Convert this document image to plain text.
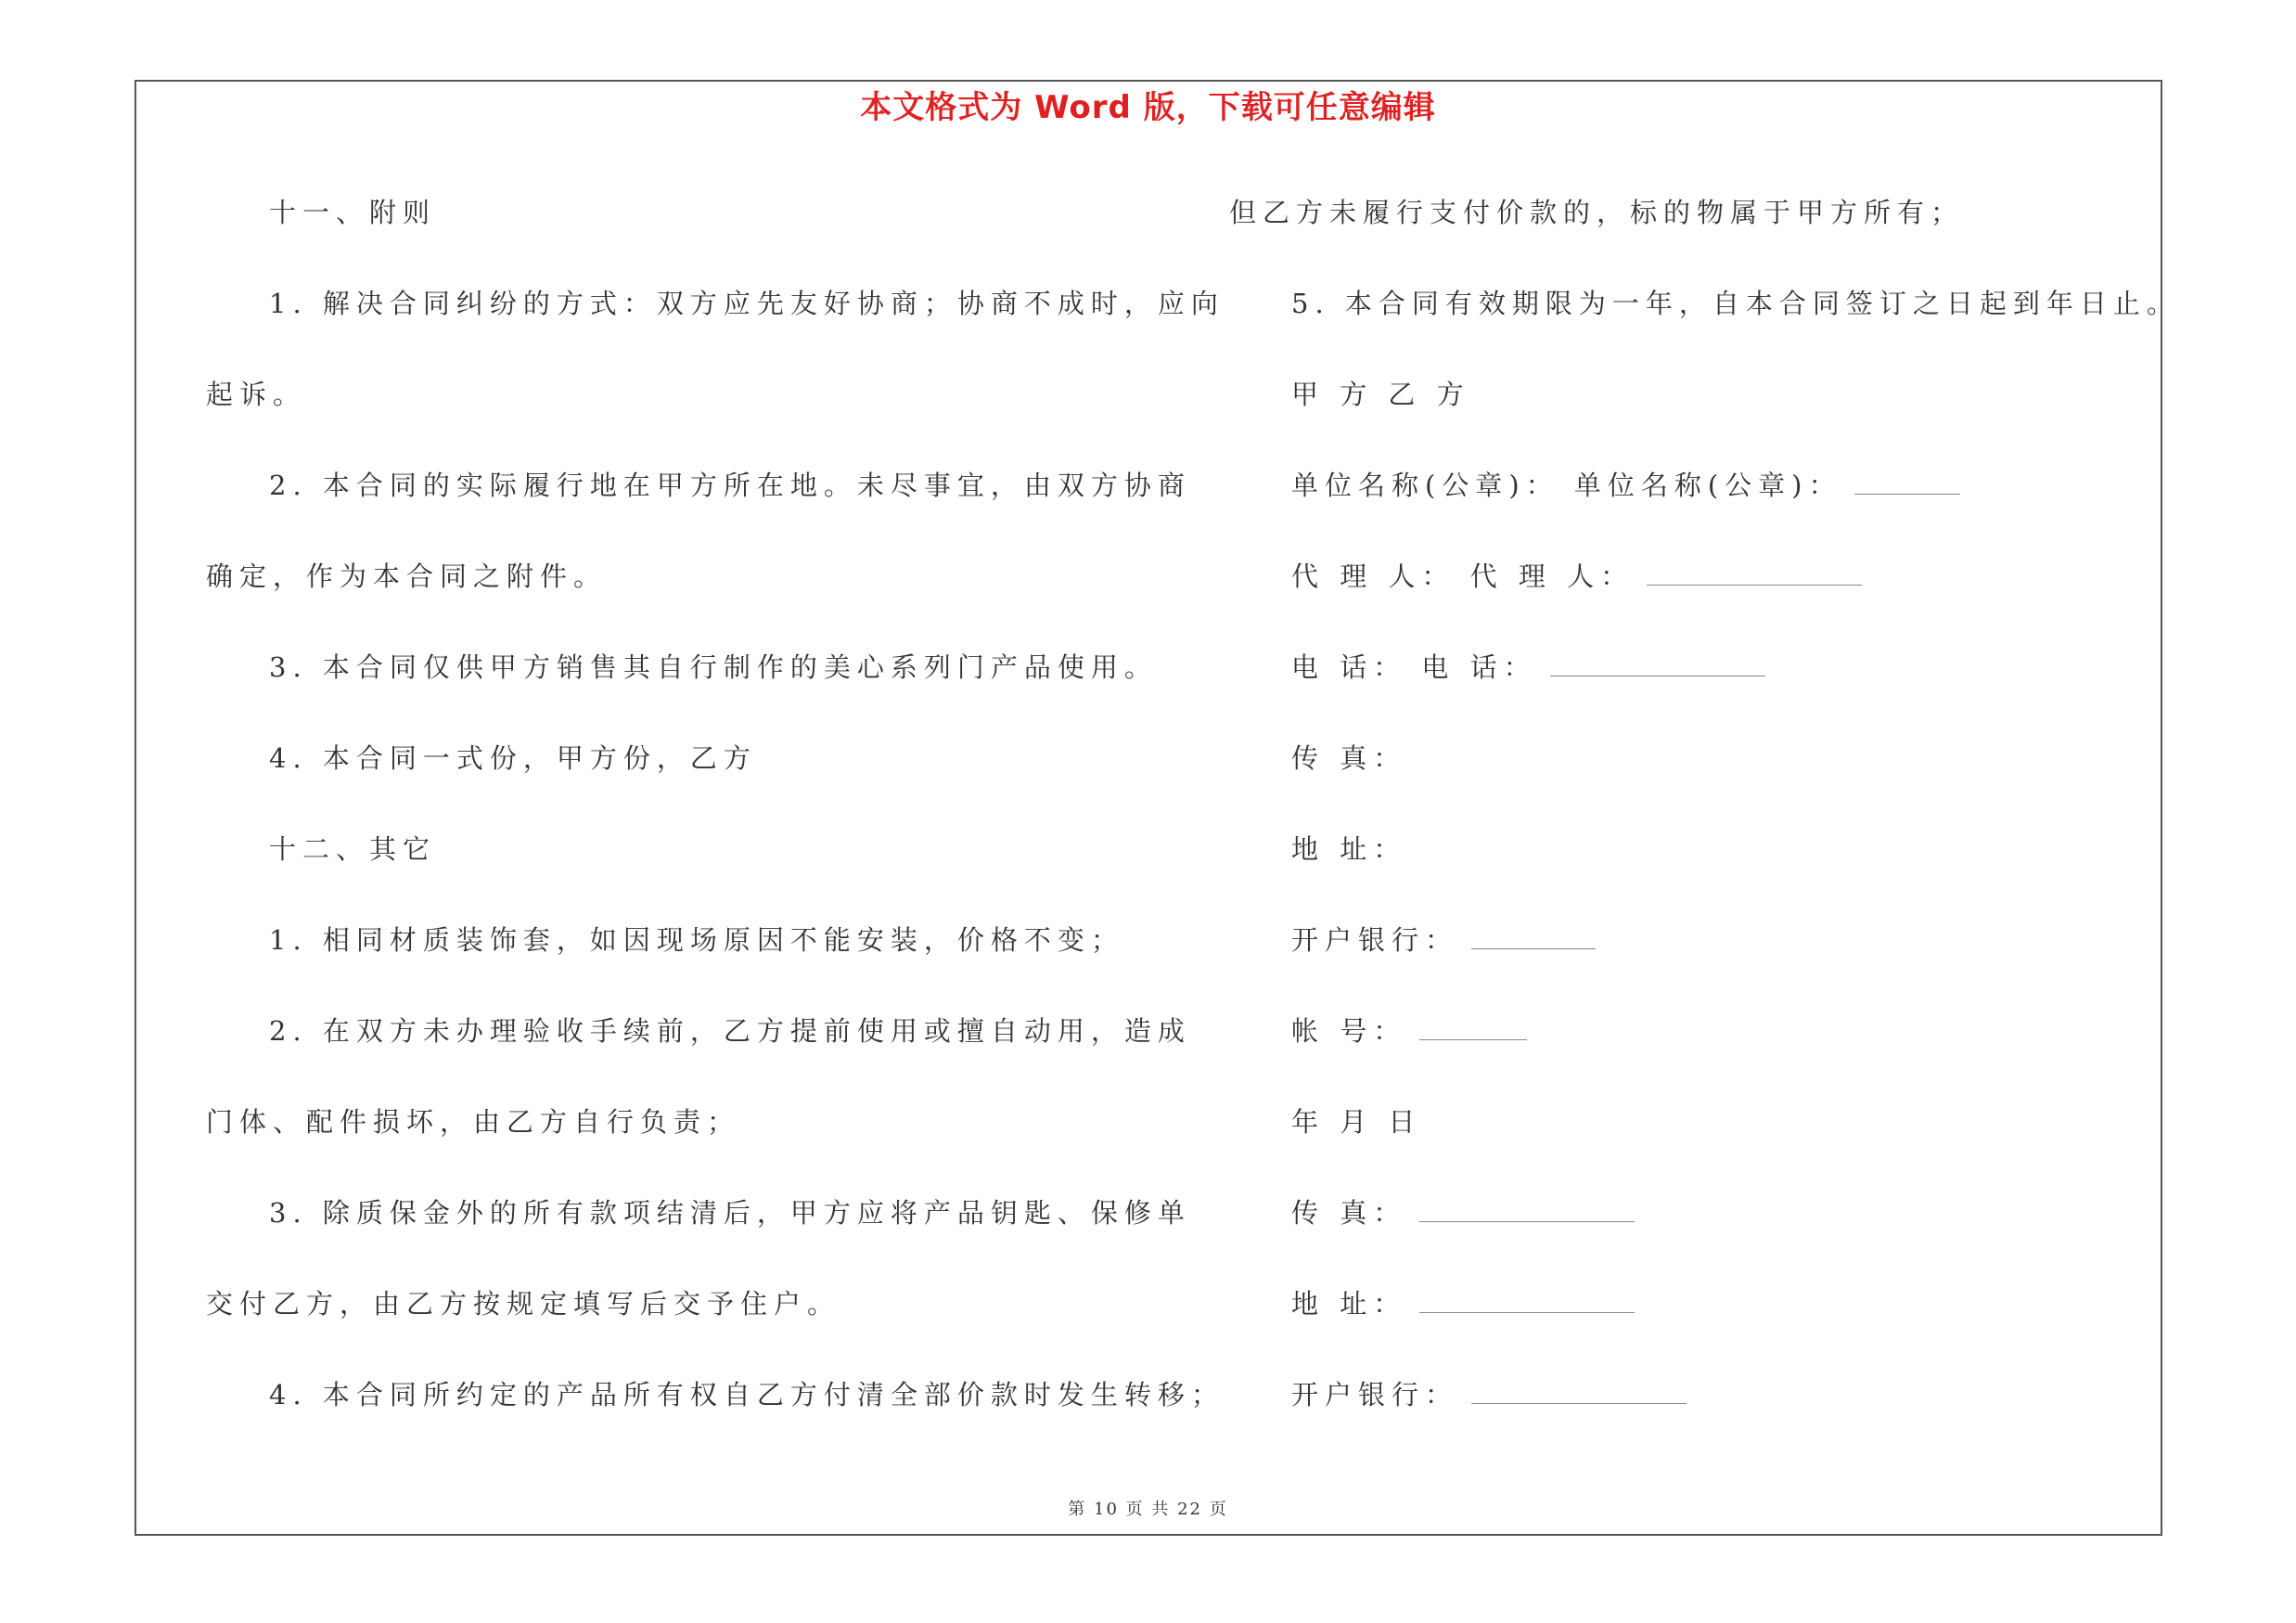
本文格式为 Word 版，下载可任意编辑
十一、附则
1. 解决合同纠纷的方式：双方应先友好协商；协商不成时，应向
起诉。
2. 本合同的实际履行地在甲方所在地。未尽事宜，由双方协商
确定，作为本合同之附件。
3. 本合同仅供甲方销售其自行制作的美心系列门产品使用。
4. 本合同一式份，甲方份，乙方
十二、其它
1. 相同材质装饰套，如因现场原因不能安装，价格不变；
2. 在双方未办理验收手续前，乙方提前使用或擅自动用，造成
门体、配件损坏，由乙方自行负责；
3. 除质保金外的所有款项结清后，甲方应将产品钥匙、保修单
交付乙方，由乙方按规定填写后交予住户。
4. 本合同所约定的产品所有权自乙方付清全部价款时发生转移；
但乙方未履行支付价款的，标的物属于甲方所有；
5. 本合同有效期限为一年，自本合同签订之日起到年日止。
甲 方 乙 方
单位名称(公章)： 单位名称(公章)：
代 理 人： 代 理 人：
电 话： 电 话：
传 真：
地 址：
开户银行：
帐 号：
年 月 日
传 真：
地 址：
开户银行：
第 10 页 共 22 页
